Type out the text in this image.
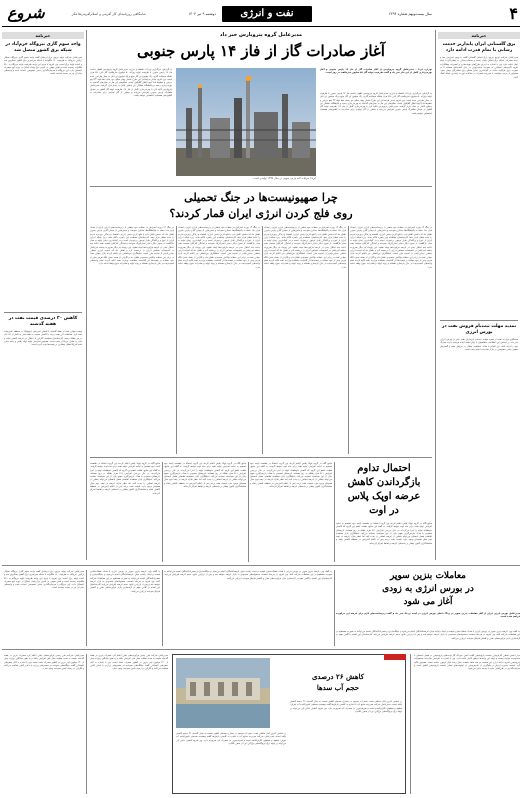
۴
نفت و انرژی	سال بیست‌ونهم شماره ۶۲۹۴
دوشنبه ۹ تیر ۱۴۰۴
شامگاهی روزنامه‌ای کار آفرینی و اسلام‌آفرینی‌ها فکر
شروع
خبرنامه
برق گلستانی ایران پایدارتر خدمت رسانی با تمام قدرت ادامه دارد
مدیرعامل شرکت توزیع نیروی برق استان گلستان گفت با وجود افزایش دما و رشد مصرف، شبکه برق استان پایدار است و خدمات‌رسانی به مشترکان با تمام توان ادامه دارد. وی با اشاره به اجرای طرح‌های بهینه‌سازی و تعمیرات پیشگیرانه افزود اکیپ‌های عملیاتی به صورت شبانه‌روزی در حال آماده‌باش هستند تا در صورت بروز هرگونه حادثه در کوتاه‌ترین زمان ممکن برق مشترکان وصل شود. همچنین از مردم خواست با مدیریت مصرف در ساعات اوج به پایداری شبکه کمک کنند.
تمدید مهلت ثبت‌نام فروش نفت در بورس انرژی
سخنگوی وزارت نفت از تمدید مهلت ثبت‌نام خریداران نفت خام در بورس انرژی خبر داد. بر اساس این اطلاعیه، متقاضیان تا پایان هفته آینده فرصت دارند مدارک خود را ارائه کنند. این اقدام با هدف شفافیت بیشتر در فروش نفت و گسترش حضور بخش خصوصی در بازار صادرات انجام شده است.
خبرنامه
واحد سوم گازی نیروگاه خرم‌آباد در شبکه برق کشور متصل شد
مدیرعامل شرکت تولید نیروی برق لرستان گفت واحد سوم گازی نیروگاه سیکل ترکیبی خرم‌آباد به ظرفیت ۱۶۰ مگاوات با شبکه سراسری برق کشور سنکرون شد و آماده تولید برق است. وی افزود با ورود این واحد ظرفیت تولید نیروگاه به ۴۸۰ مگاوات رسیده است و نقش مهمی در تامین برق پایدار استان در دوره اوج مصرف تابستان دارد. این نیروگاه با سرمایه‌گذاری بخش خصوصی احداث شده و واحدهای بخار آن نیز در دست ساخت است.
کاهش ۳۰ درصدی قیمت نفت در هفته گذشته
قیمت جهانی نفت در هفته گذشته با کاهش تنش‌های ژئوپلیتیک در منطقه خاورمیانه افت کرد. معاملات آتی نفت برنت با کاهش نسبت به هفته قبل به کمتر از ۶۸ دلار در هر بشکه رسید. کارشناسان معتقدند نگرانی از اختلال در عرضه کاهش یافته و بازار به تعادل نزدیک‌تر شده است. همچنین افزایش تولید اوپک پلاس و رشد ذخایر نفت آمریکا فشار بیشتری بر قیمت‌ها وارد کرده است.
مدیرعامل گروه پتروپارس خبر داد
آغاز صادرات گاز از فاز ۱۴ پارس جنوبی
ایرنا / جزئیات لایه پارس جنوبی در سال ۱۳۹۹ تولیدی است.
تهران- ایرنا ۰ مدیرعامل گروه پتروپارس از آغاز صادرات گاز از فاز ۱۴ پارس جنوبی و آغاز بهره‌برداری کامل از این فاز خبر داد و گفت ظرفیت تولید گاز ۵۶ میلیون مترمکعب در روز است.
به گزارش خبرگزاری ایرنا از اقتصاد و انرژی، مدیرعامل گروه پتروپارس اظهار داشت فاز ۱۴ پارس جنوبی با ظرفیت تولید روزانه ۵۰ میلیون مترمکعب گاز غنی، ۷۵ هزار بشکه میعانات گازی، یک میلیون تن گاز مایع و یک میلیون تن اتان در سال طراحی شده است. وی افزود بخش فراساحل این طرح شامل چهار سکو، دو رشته خط لوله ۳۲ اینچ دریایی و خطوط ۴.۵ اینچ انتقال گلایکول است. سکوهای این فاز در سال‌های گذشته به بهره‌برداری رسید و پالایشگاه خشکی نیز به‌طور کامل در مدار قرار گرفت. مدیرعامل پتروپارس تاکید کرد با بهره‌برداری کامل از فاز ۱۴، ظرفیت تولید گاز کشور در میدان مشترک پارس جنوبی افزایش می‌یابد و بخشی از گاز تولیدی برای صادرات به کشورهای همسایه اختصاص خواهد یافت.
به گزارش خبرگزاری ایرنا از اقتصاد و انرژی، مدیرعامل گروه پتروپارس اظهار داشت فاز ۱۴ پارس جنوبی با ظرفیت تولید روزانه ۵۰ میلیون مترمکعب گاز غنی، ۷۵ هزار بشکه میعانات گازی، یک میلیون تن گاز مایع و یک میلیون تن اتان در سال طراحی شده است. وی افزود بخش فراساحل این طرح شامل چهار سکو، دو رشته خط لوله ۳۲ اینچ دریایی و خطوط ۴.۵ اینچ انتقال گلایکول است. سکوهای این فاز در سال‌های گذشته به بهره‌برداری رسید و پالایشگاه خشکی نیز به‌طور کامل در مدار قرار گرفت. مدیرعامل پتروپارس تاکید کرد با بهره‌برداری کامل از فاز ۱۴، ظرفیت تولید گاز کشور در میدان مشترک پارس جنوبی افزایش می‌یابد و بخشی از گاز تولیدی برای صادرات به کشورهای همسایه اختصاص خواهد یافت.
چرا صهیونیست‌ها در جنگ تحمیلی
روی فلج کردن انرژی ایران قمار کردند؟
در جنگ ۱۲ روزه، اسرائیل در حملات خود بخشی از زیرساخت‌های انرژی ایران را هدف قرار داد؛ حمله به پالایشگاه‌ها، مخازن سوخت و بخش‌هایی از میدان گازی پارس جنوبی نشان داد که دشمن تلاش دارد با فلج کردن بخش انرژی، اقتصاد و زندگی روزمره مردم را تحت فشار قرار دهد. کارشناسان معتقدند این راهبرد ناکام ماند، زیرا شبکه انرژی ایران از تنوع و پراکندگی قابل توجهی برخوردار است و در کوتاه‌ترین زمان تولید به مدار بازگشت. از سوی دیگر ذخایر استراتژیک سوخت و آمادگی کارکنان صنعت نفت باعث شد اختلال جدی در عرضه فرآورده‌ها ایجاد نشود. این رویداد بار دیگر ضرورت پدافند غیرعامل در تاسیسات حساس انرژی را برجسته کرد و نشان داد که امنیت انرژی بخشی جدایی‌ناپذیر از امنیت ملی است. تحلیلگران بین‌المللی نیز اعلام کردند بازار جهانی نفت در برابر این حملات واکنش محدودی نشان داد و نگرانی از بسته شدن تنگه هرمز بیش از خود حملات بر قیمت‌ها اثر گذاشت. مقامات وزارت نفت تاکید کردند تمام واحدهای آسیب‌دیده در حال بازسازی هستند و روند تولید و صادرات بدون وقفه ادامه دارد.
در جنگ ۱۲ روزه، اسرائیل در حملات خود بخشی از زیرساخت‌های انرژی ایران را هدف قرار داد؛ حمله به پالایشگاه‌ها، مخازن سوخت و بخش‌هایی از میدان گازی پارس جنوبی نشان داد که دشمن تلاش دارد با فلج کردن بخش انرژی، اقتصاد و زندگی روزمره مردم را تحت فشار قرار دهد. کارشناسان معتقدند این راهبرد ناکام ماند، زیرا شبکه انرژی ایران از تنوع و پراکندگی قابل توجهی برخوردار است و در کوتاه‌ترین زمان تولید به مدار بازگشت. از سوی دیگر ذخایر استراتژیک سوخت و آمادگی کارکنان صنعت نفت باعث شد اختلال جدی در عرضه فرآورده‌ها ایجاد نشود. این رویداد بار دیگر ضرورت پدافند غیرعامل در تاسیسات حساس انرژی را برجسته کرد و نشان داد که امنیت انرژی بخشی جدایی‌ناپذیر از امنیت ملی است. تحلیلگران بین‌المللی نیز اعلام کردند بازار جهانی نفت در برابر این حملات واکنش محدودی نشان داد و نگرانی از بسته شدن تنگه هرمز بیش از خود حملات بر قیمت‌ها اثر گذاشت. مقامات وزارت نفت تاکید کردند تمام واحدهای آسیب‌دیده در حال بازسازی هستند و روند تولید و صادرات بدون وقفه ادامه دارد.
در جنگ ۱۲ روزه، اسرائیل در حملات خود بخشی از زیرساخت‌های انرژی ایران را هدف قرار داد؛ حمله به پالایشگاه‌ها، مخازن سوخت و بخش‌هایی از میدان گازی پارس جنوبی نشان داد که دشمن تلاش دارد با فلج کردن بخش انرژی، اقتصاد و زندگی روزمره مردم را تحت فشار قرار دهد. کارشناسان معتقدند این راهبرد ناکام ماند، زیرا شبکه انرژی ایران از تنوع و پراکندگی قابل توجهی برخوردار است و در کوتاه‌ترین زمان تولید به مدار بازگشت. از سوی دیگر ذخایر استراتژیک سوخت و آمادگی کارکنان صنعت نفت باعث شد اختلال جدی در عرضه فرآورده‌ها ایجاد نشود. این رویداد بار دیگر ضرورت پدافند غیرعامل در تاسیسات حساس انرژی را برجسته کرد و نشان داد که امنیت انرژی بخشی جدایی‌ناپذیر از امنیت ملی است. تحلیلگران بین‌المللی نیز اعلام کردند بازار جهانی نفت در برابر این حملات واکنش محدودی نشان داد و نگرانی از بسته شدن تنگه هرمز بیش از خود حملات بر قیمت‌ها اثر گذاشت. مقامات وزارت نفت تاکید کردند تمام واحدهای آسیب‌دیده در حال بازسازی هستند و روند تولید و صادرات بدون وقفه ادامه دارد.
در جنگ ۱۲ روزه، اسرائیل در حملات خود بخشی از زیرساخت‌های انرژی ایران را هدف قرار داد؛ حمله به پالایشگاه‌ها، مخازن سوخت و بخش‌هایی از میدان گازی پارس جنوبی نشان داد که دشمن تلاش دارد با فلج کردن بخش انرژی، اقتصاد و زندگی روزمره مردم را تحت فشار قرار دهد. کارشناسان معتقدند این راهبرد ناکام ماند، زیرا شبکه انرژی ایران از تنوع و پراکندگی قابل توجهی برخوردار است و در کوتاه‌ترین زمان تولید به مدار بازگشت. از سوی دیگر ذخایر استراتژیک سوخت و آمادگی کارکنان صنعت نفت باعث شد اختلال جدی در عرضه فرآورده‌ها ایجاد نشود. این رویداد بار دیگر ضرورت پدافند غیرعامل در تاسیسات حساس انرژی را برجسته کرد و نشان داد که امنیت انرژی بخشی جدایی‌ناپذیر از امنیت ملی است. تحلیلگران بین‌المللی نیز اعلام کردند بازار جهانی نفت در برابر این حملات واکنش محدودی نشان داد و نگرانی از بسته شدن تنگه هرمز بیش از خود حملات بر قیمت‌ها اثر گذاشت. مقامات وزارت نفت تاکید کردند تمام واحدهای آسیب‌دیده در حال بازسازی هستند و روند تولید و صادرات بدون وقفه ادامه دارد.
احتمال تداوم
بازگرداندن کاهش
عرضه اوپک پلاس
در اوت
منابع آگاه در گروه اوپک پلاس اعلام کردند این گروه احتمالا در نشست آینده خود تصمیم به ادامه افزایش تولید نفت برای ماه اوت خواهد گرفت. به گفته این منابع، هشت عضو این گروه که کاهش داوطلبانه تولید را اجرا می‌کردند، در حال بررسی افزایش ۴۱۱ هزار بشکه در روز هستند. عربستان سعودی با هدف بازپس‌گیری سهم بازار از این سیاست حمایت می‌کند. تحلیلگران بازار معتقدند تقاضای فصل تابستان می‌تواند بخشی از عرضه اضافی را جذب کند، اما خطر مازاد عرضه در نیمه دوم سال همچنان وجود دارد. قیمت نفت برنت پس از اعلام آتش‌بس در منطقه کاهش یافته و معامله‌گران اکنون بیشتر بر داده‌های عرضه و تقاضا تمرکز کرده‌اند.
منابع آگاه در گروه اوپک پلاس اعلام کردند این گروه احتمالا در نشست آینده خود تصمیم به ادامه افزایش تولید نفت برای ماه اوت خواهد گرفت. به گفته این منابع، هشت عضو این گروه که کاهش داوطلبانه تولید را اجرا می‌کردند، در حال بررسی افزایش ۴۱۱ هزار بشکه در روز هستند. عربستان سعودی با هدف بازپس‌گیری سهم بازار از این سیاست حمایت می‌کند. تحلیلگران بازار معتقدند تقاضای فصل تابستان می‌تواند بخشی از عرضه اضافی را جذب کند، اما خطر مازاد عرضه در نیمه دوم سال همچنان وجود دارد. قیمت نفت برنت پس از اعلام آتش‌بس در منطقه کاهش یافته و معامله‌گران اکنون بیشتر بر داده‌های عرضه و تقاضا تمرکز کرده‌اند.
منابع آگاه در گروه اوپک پلاس اعلام کردند این گروه احتمالا در نشست آینده خود تصمیم به ادامه افزایش تولید نفت برای ماه اوت خواهد گرفت. به گفته این منابع، هشت عضو این گروه که کاهش داوطلبانه تولید را اجرا می‌کردند، در حال بررسی افزایش ۴۱۱ هزار بشکه در روز هستند. عربستان سعودی با هدف بازپس‌گیری سهم بازار از این سیاست حمایت می‌کند. تحلیلگران بازار معتقدند تقاضای فصل تابستان می‌تواند بخشی از عرضه اضافی را جذب کند، اما خطر مازاد عرضه در نیمه دوم سال همچنان وجود دارد. قیمت نفت برنت پس از اعلام آتش‌بس در منطقه کاهش یافته و معامله‌گران اکنون بیشتر بر داده‌های عرضه و تقاضا تمرکز کرده‌اند.
منابع آگاه در گروه اوپک پلاس اعلام کردند این گروه احتمالا در نشست آینده خود تصمیم به ادامه افزایش تولید نفت برای ماه اوت خواهد گرفت. به گفته این منابع، هشت عضو این گروه که کاهش داوطلبانه تولید را اجرا می‌کردند، در حال بررسی افزایش ۴۱۱ هزار بشکه در روز هستند. عربستان سعودی با هدف بازپس‌گیری سهم بازار از این سیاست حمایت می‌کند. تحلیلگران بازار معتقدند تقاضای فصل تابستان می‌تواند بخشی از عرضه اضافی را جذب کند، اما خطر مازاد عرضه در نیمه دوم سال همچنان وجود دارد. قیمت نفت برنت پس از اعلام آتش‌بس در منطقه کاهش یافته و معامله‌گران اکنون بیشتر بر داده‌های عرضه و تقاضا تمرکز کرده‌اند.
معاملات بنزین سوپر
در بورس انرژی به زودی
آغاز می شود
مدیرعامل بورس انرژی ایران از آغاز معاملات بنزین سوپر در رینگ داخلی بورس انرژی در آینده نزدیک خبر داد و گفت زیرساخت‌های لازم برای عرضه این فرآورده فراهم شده است.
به گفته وی، عرضه بنزین سوپر در بورس انرژی با هدف شفاف‌سازی قیمت و ایجاد رقابت میان عرضه‌کنندگان انجام می‌شود و جایگاه‌داران و مصرف‌کنندگان عمده می‌توانند به صورت مستقیم در این معاملات شرکت کنند. وی افزود در مرحله نخست، محموله‌های محدودی به بازار عرضه خواهد شد و پس از ارزیابی نتایج، حجم عرضه افزایش می‌یابد. کارشناسان این اقدام را گامی مهم در آزادسازی بازار فرآورده‌های نفتی و کاهش قاچاق سوخت ارزیابی می‌کنند.
به گفته وی، عرضه بنزین سوپر در بورس انرژی با هدف شفاف‌سازی قیمت و ایجاد رقابت میان عرضه‌کنندگان انجام می‌شود و جایگاه‌داران و مصرف‌کنندگان عمده می‌توانند به صورت مستقیم در این معاملات شرکت کنند. وی افزود در مرحله نخست، محموله‌های محدودی به بازار عرضه خواهد شد و پس از ارزیابی نتایج، حجم عرضه افزایش می‌یابد. کارشناسان این اقدام را گامی مهم در آزادسازی بازار فرآورده‌های نفتی و کاهش قاچاق سوخت ارزیابی می‌کنند.
به گفته وی، عرضه بنزین سوپر در بورس انرژی با هدف شفاف‌سازی قیمت و ایجاد رقابت میان عرضه‌کنندگان انجام می‌شود و جایگاه‌داران و مصرف‌کنندگان عمده می‌توانند به صورت مستقیم در این معاملات شرکت کنند. وی افزود در مرحله نخست، محموله‌های محدودی به بازار عرضه خواهد شد و پس از ارزیابی نتایج، حجم عرضه افزایش می‌یابد. کارشناسان این اقدام را گامی مهم در آزادسازی بازار فرآورده‌های نفتی و کاهش قاچاق سوخت ارزیابی می‌کنند.
مدیرعامل شرکت تولید نیروی برق لرستان گفت واحد سوم گازی نیروگاه سیکل ترکیبی خرم‌آباد به ظرفیت ۱۶۰ مگاوات با شبکه سراسری برق کشور سنکرون شد و آماده تولید برق است. وی افزود با ورود این واحد ظرفیت تولید نیروگاه به ۴۸۰ مگاوات رسیده است و نقش مهمی در تامین برق پایدار استان در دوره اوج مصرف تابستان دارد. این نیروگاه با سرمایه‌گذاری بخش خصوصی احداث شده و واحدهای بخار آن نیز در دست ساخت است.
دبیر انجمن صنفی کارفرمایی صنعت پتروشیمی گفت تامین خوراک گاز واحدهای پتروشیمی در فصل تابستان با محدودیت مواجه نیست و تولید این واحدها به‌طور کامل ادامه دارد. وی با اشاره به افزایش صادرات محصولات پتروشیمی افزود درآمد ارزی این صنعت در سه ماهه نخست سال رشد قابل توجهی داشته است. همچنین تاکید کرد توسعه زنجیره ارزش و جلوگیری از خام‌فروشی از اولویت‌های اصلی صنعت پتروشیمی کشور است و سرمایه‌گذاری در طرح‌های جدید با جدیت دنبال می‌شود.
کاهش ۲۶ درصدی
حجم آب سدها
بر اساس آخرین آمار منتشر شده، حجم آب موجود در مخازن سدهای کشور نسبت به سال گذشته ۲۶ درصد کاهش یافته است. مدیرعامل شرکت مدیریت منابع آب با اشاره به کاهش بارش‌ها گفت وضعیت سدهای تامین‌کننده آب تهران، مشهد و اصفهان نگران‌کننده است و صرفه‌جویی در مصرف آب ضرورت دارد. وی افزود کاهش ذخایر آبی می‌تواند بر تولید برق نیروگاه‌های برق‌آبی نیز اثر منفی بگذارد.
بر اساس آخرین آمار منتشر شده، حجم آب موجود در مخازن سدهای کشور نسبت به سال گذشته ۲۶ درصد کاهش یافته است. مدیرعامل شرکت مدیریت منابع آب با اشاره به کاهش بارش‌ها گفت وضعیت سدهای تامین‌کننده آب تهران، مشهد و اصفهان نگران‌کننده است و صرفه‌جویی در مصرف آب ضرورت دارد. وی افزود کاهش ذخایر آبی می‌تواند بر تولید برق نیروگاه‌های برق‌آبی نیز اثر منفی بگذارد.
مدیرعامل شرکت ملی پخش فرآورده‌های نفتی اعلام کرد مصرف بنزین در هفته گذشته نسبت به مدت مشابه سال قبل افزایش یافته و به طور میانگین روزانه بیش از ۱۲۰ میلیون لیتر بنزین در کشور مصرف شده است. وی با اشاره به آغاز سفرهای تابستانی گفت جایگاه‌های سوخت در مسیرهای پرتردد با ذخایر کافی فعالیت می‌کنند و نگرانی در زمینه تامین سوخت وجود ندارد.
مدیرعامل شرکت ملی پخش فرآورده‌های نفتی اعلام کرد مصرف بنزین در هفته گذشته نسبت به مدت مشابه سال قبل افزایش یافته و به طور میانگین روزانه بیش از ۱۲۰ میلیون لیتر بنزین در کشور مصرف شده است. وی با اشاره به آغاز سفرهای تابستانی گفت جایگاه‌های سوخت در مسیرهای پرتردد با ذخایر کافی فعالیت می‌کنند و نگرانی در زمینه تامین سوخت وجود ندارد.
